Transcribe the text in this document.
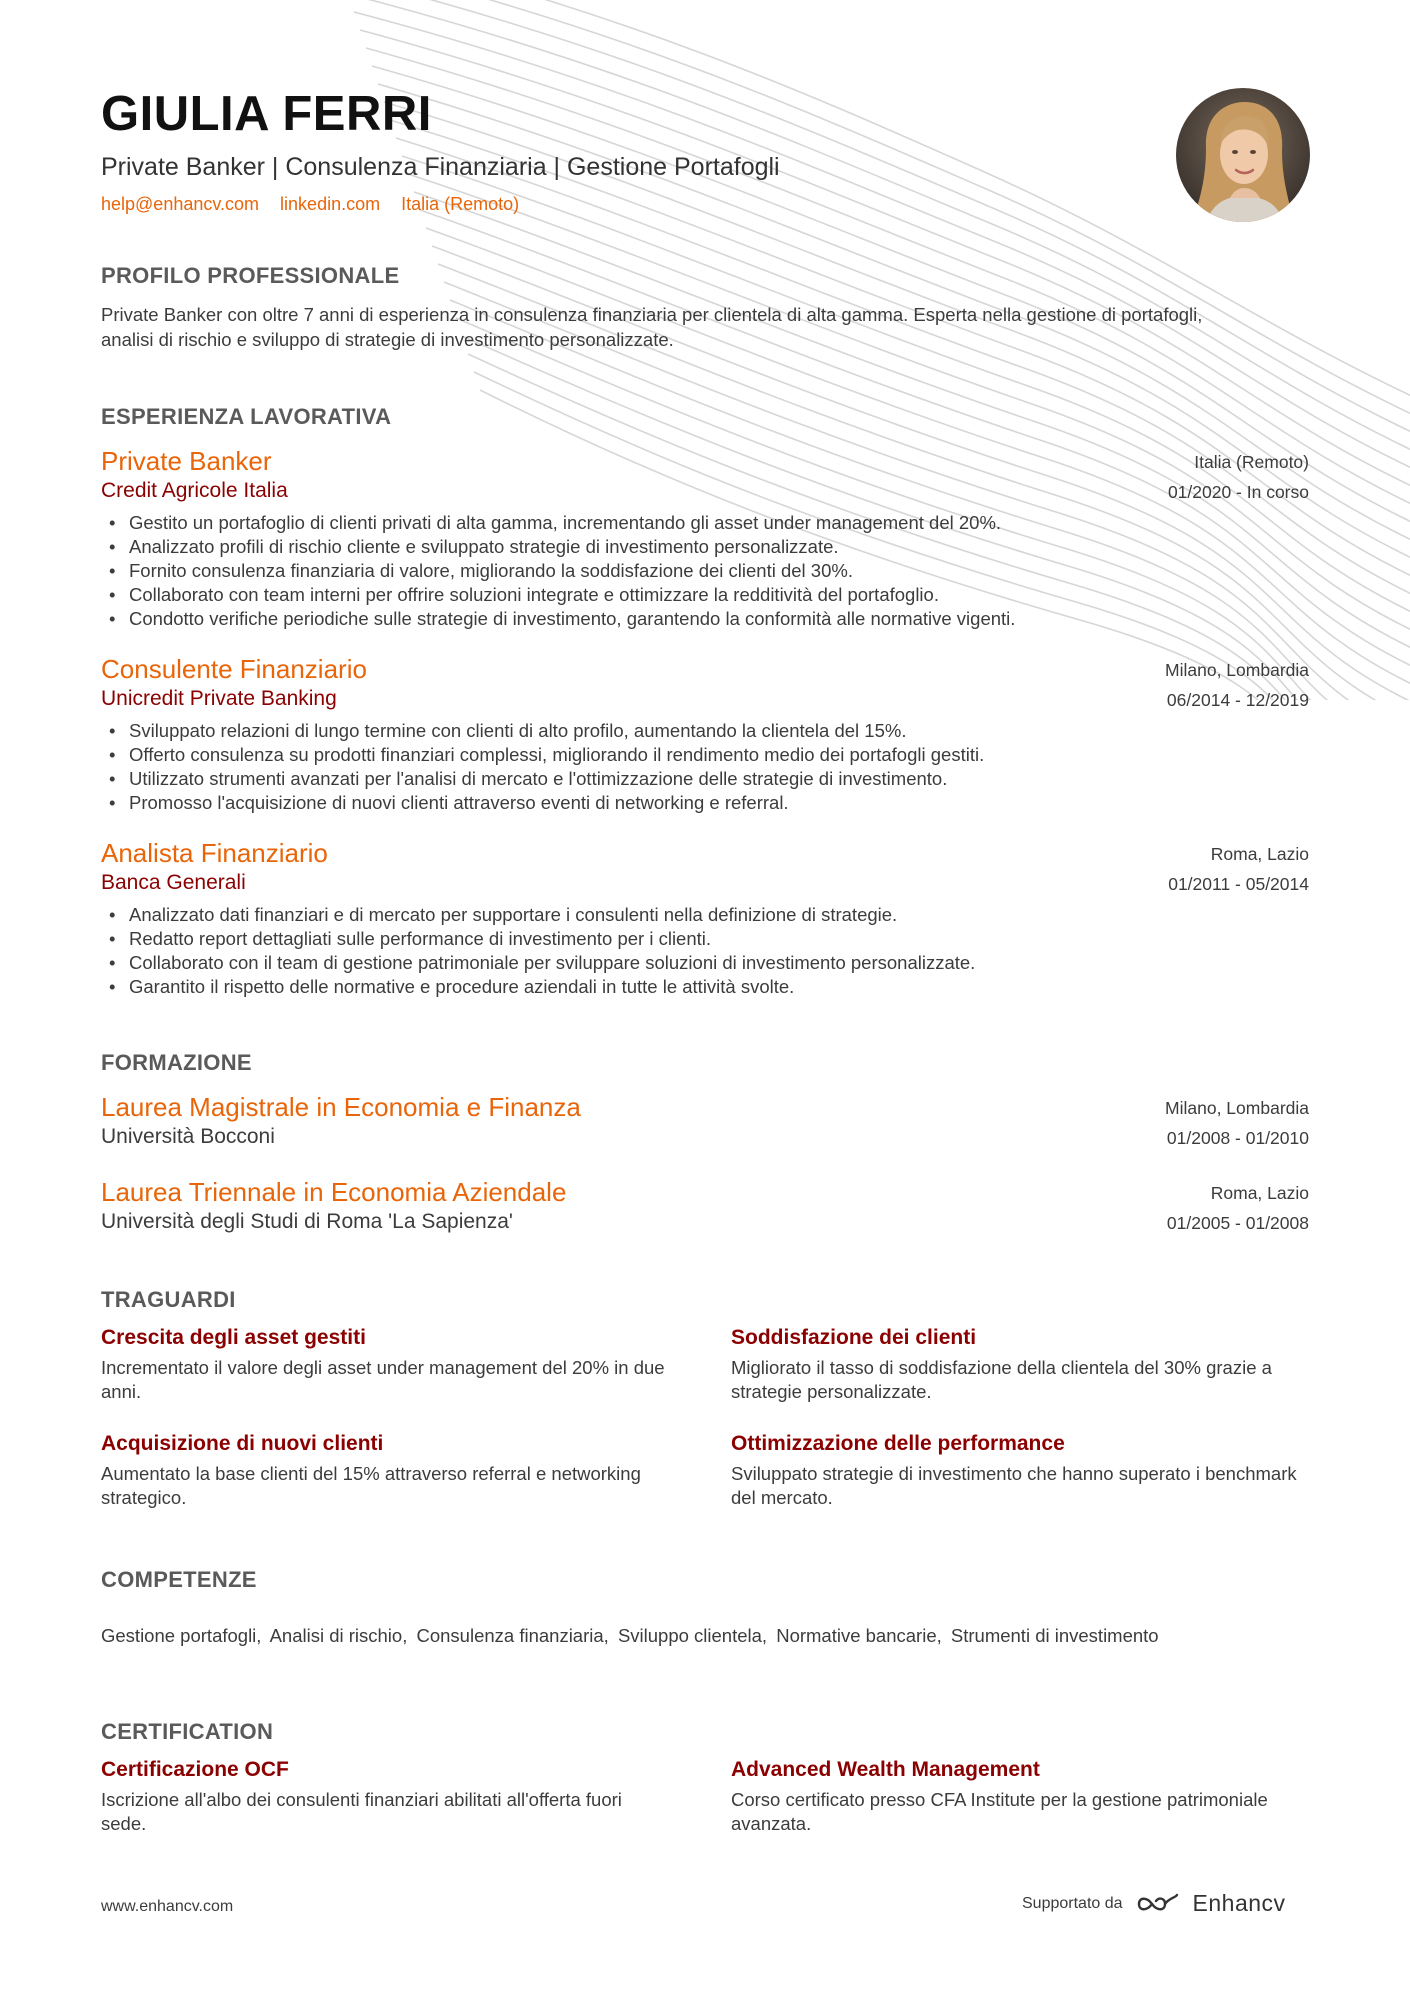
GIULIA FERRI
Private Banker | Consulenza Finanziaria | Gestione Portafogli
help@enhancv.com linkedin.com Italia (Remoto)
PROFILO PROFESSIONALE
Private Banker con oltre 7 anni di esperienza in consulenza finanziaria per clientela di alta gamma. Esperta nella gestione di portafogli, analisi di rischio e sviluppo di strategie di investimento personalizzate.
ESPERIENZA LAVORATIVA
Private Banker
Credit Agricole Italia
Italia (Remoto)
01/2020 - In corso
• Gestito un portafoglio di clienti privati di alta gamma, incrementando gli asset under management del 20%.
• Analizzato profili di rischio cliente e sviluppato strategie di investimento personalizzate.
• Fornito consulenza finanziaria di valore, migliorando la soddisfazione dei clienti del 30%.
• Collaborato con team interni per offrire soluzioni integrate e ottimizzare la redditività del portafoglio.
• Condotto verifiche periodiche sulle strategie di investimento, garantendo la conformità alle normative vigenti.
Consulente Finanziario
Unicredit Private Banking
Milano, Lombardia
06/2014 - 12/2019
• Sviluppato relazioni di lungo termine con clienti di alto profilo, aumentando la clientela del 15%.
• Offerto consulenza su prodotti finanziari complessi, migliorando il rendimento medio dei portafogli gestiti.
• Utilizzato strumenti avanzati per l'analisi di mercato e l'ottimizzazione delle strategie di investimento.
• Promosso l'acquisizione di nuovi clienti attraverso eventi di networking e referral.
Analista Finanziario
Banca Generali
Roma, Lazio
01/2011 - 05/2014
• Analizzato dati finanziari e di mercato per supportare i consulenti nella definizione di strategie.
• Redatto report dettagliati sulle performance di investimento per i clienti.
• Collaborato con il team di gestione patrimoniale per sviluppare soluzioni di investimento personalizzate.
• Garantito il rispetto delle normative e procedure aziendali in tutte le attività svolte.
FORMAZIONE
Laurea Magistrale in Economia e Finanza
Università Bocconi
Milano, Lombardia
01/2008 - 01/2010
Laurea Triennale in Economia Aziendale
Università degli Studi di Roma 'La Sapienza'
Roma, Lazio
01/2005 - 01/2008
TRAGUARDI
Crescita degli asset gestiti
Incrementato il valore degli asset under management del 20% in due anni.
Soddisfazione dei clienti
Migliorato il tasso di soddisfazione della clientela del 30% grazie a strategie personalizzate.
Acquisizione di nuovi clienti
Aumentato la base clienti del 15% attraverso referral e networking strategico.
Ottimizzazione delle performance
Sviluppato strategie di investimento che hanno superato i benchmark del mercato.
COMPETENZE
Gestione portafogli, Analisi di rischio, Consulenza finanziaria, Sviluppo clientela, Normative bancarie, Strumenti di investimento
CERTIFICATION
Certificazione OCF
Iscrizione all'albo dei consulenti finanziari abilitati all'offerta fuori sede.
Advanced Wealth Management
Corso certificato presso CFA Institute per la gestione patrimoniale avanzata.
www.enhancv.com	Supportato da	Enhancv
